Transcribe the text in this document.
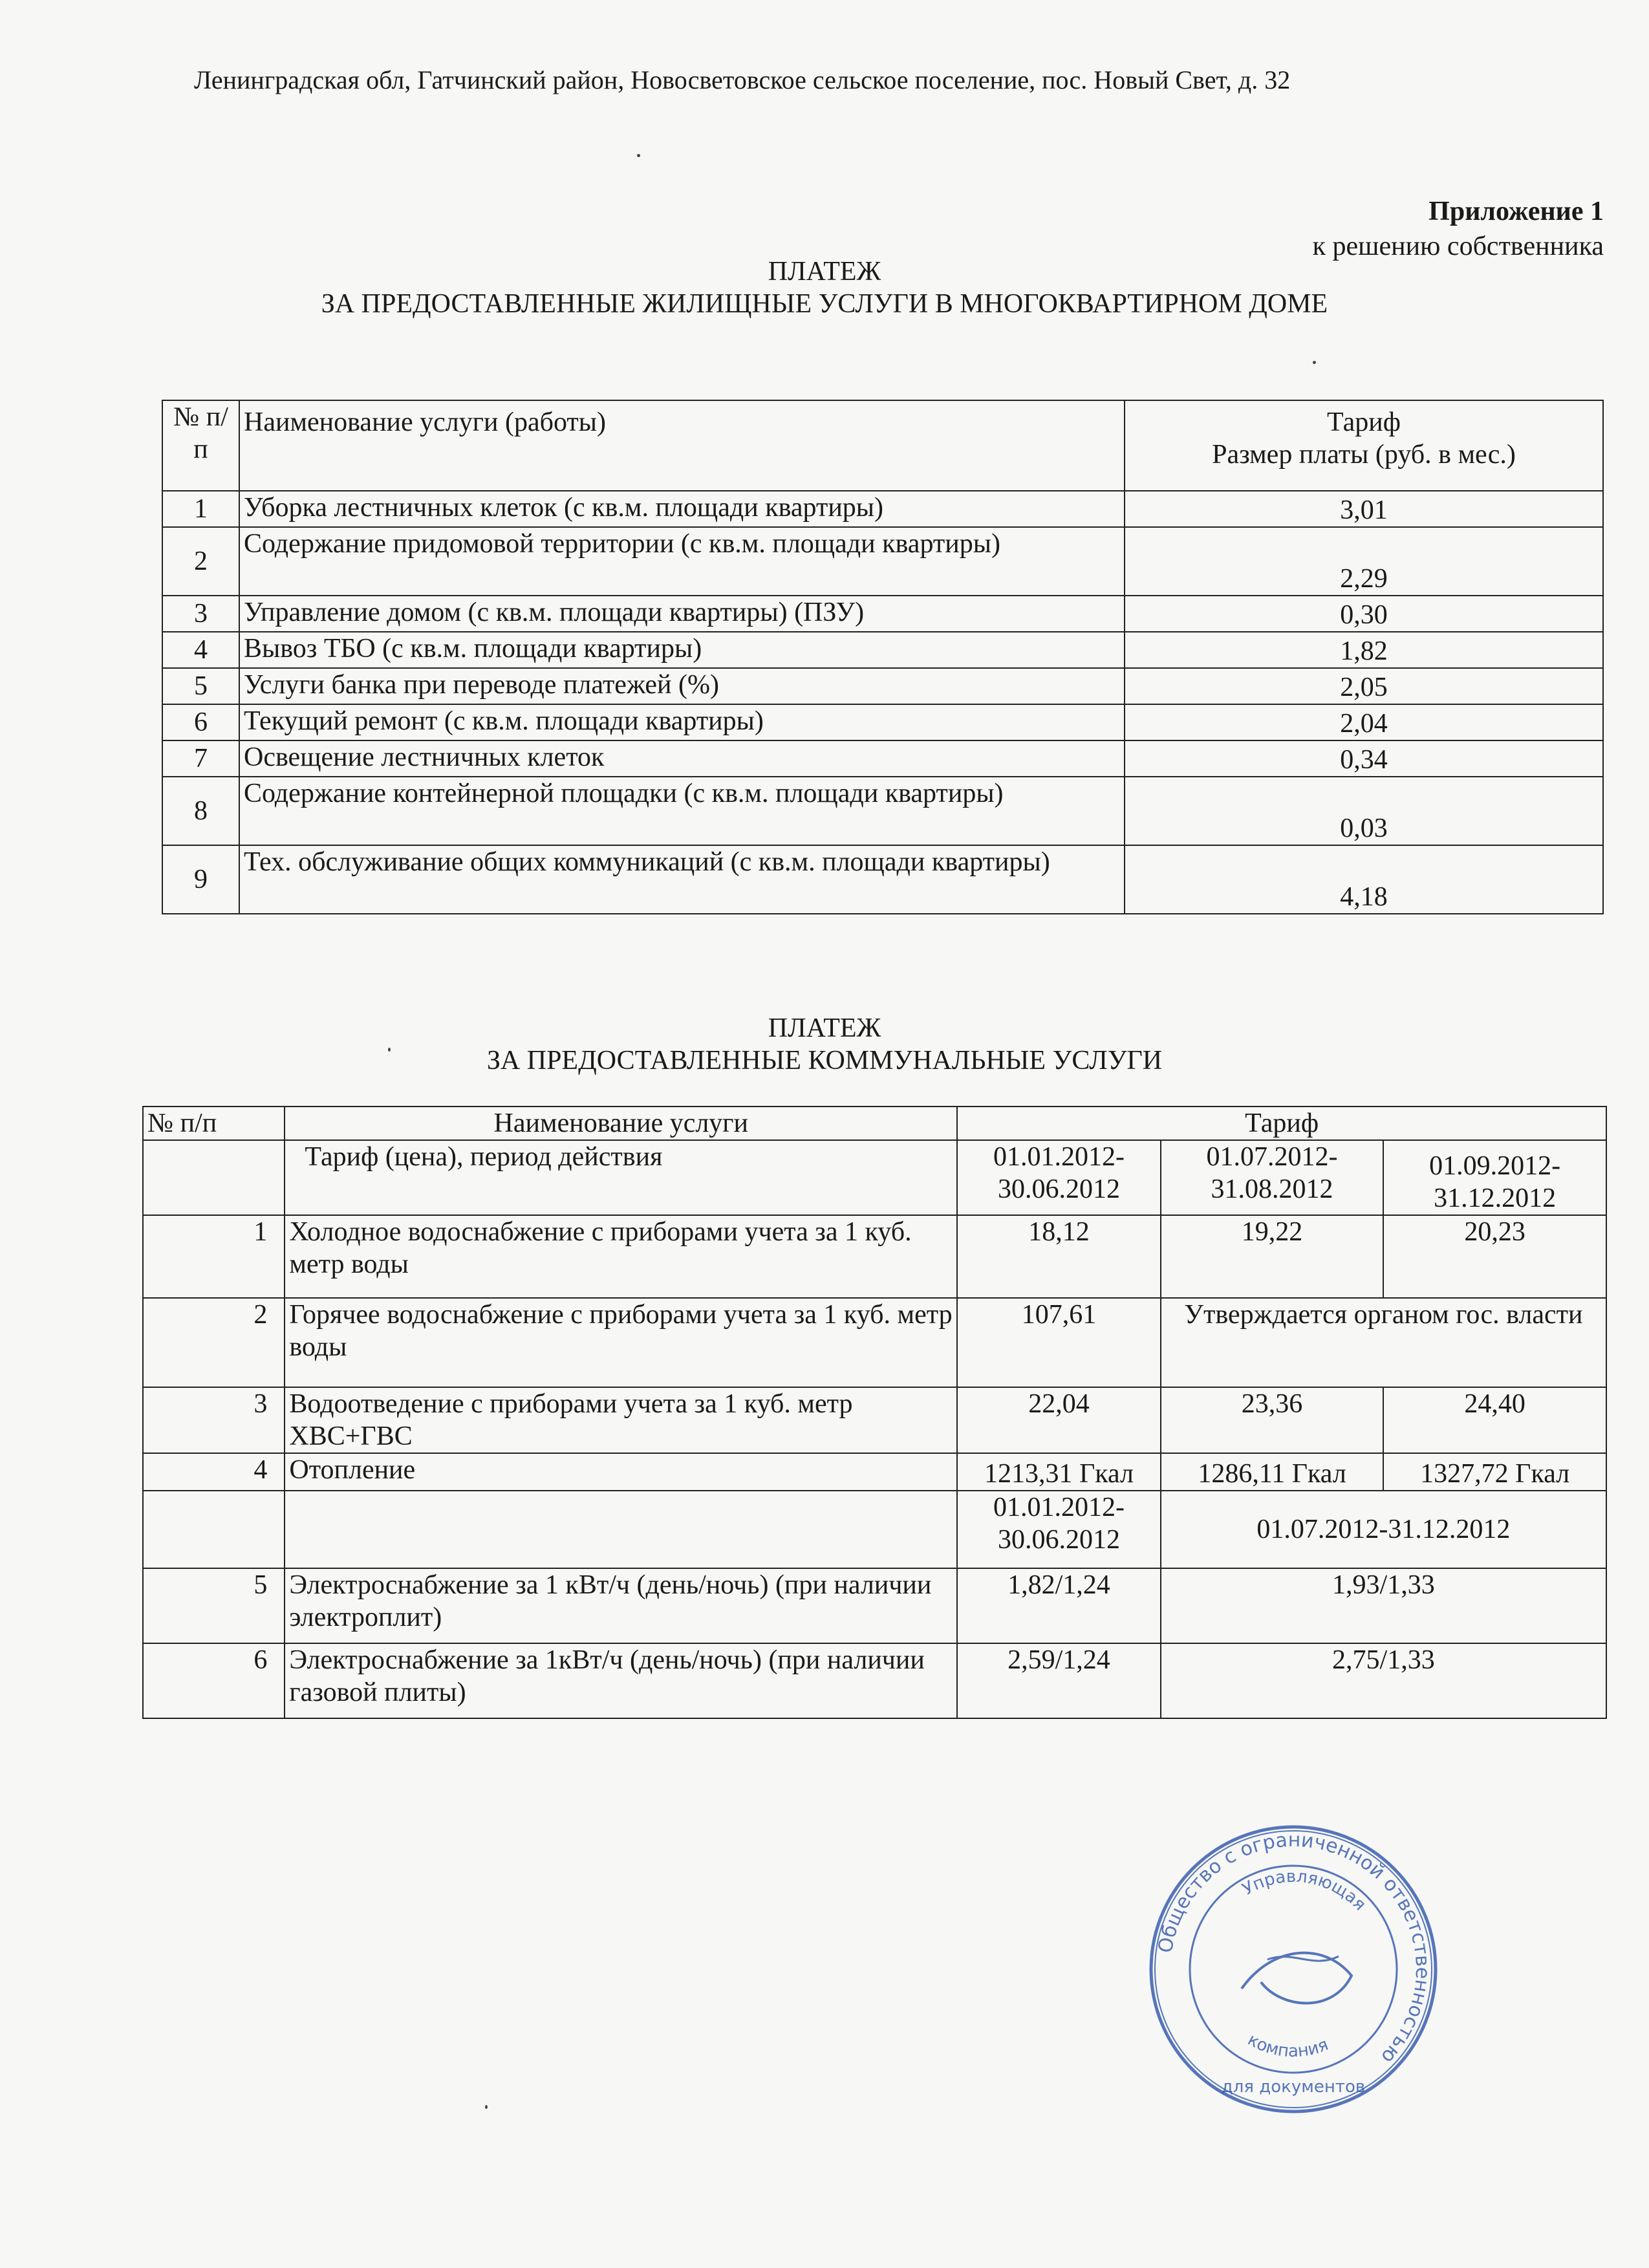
Ленинградская обл, Гатчинский район, Новосветовское сельское поселение, пос. Новый Свет, д. 32
Приложение 1
к решению собственника
ПЛАТЕЖ
ЗА ПРЕДОСТАВЛЕННЫЕ ЖИЛИЩНЫЕ УСЛУГИ В МНОГОКВАРТИРНОМ ДОМЕ
№ п/п	Наименование услуги (работы)	Тариф
Размер платы (руб. в мес.)

1	Уборка лестничных клеток (с кв.м. площади квартиры)	3,01
2	Содержание придомовой территории (с кв.м. площади квартиры)	2,29
3	Управление домом (с кв.м. площади квартиры) (ПЗУ)	0,30
4	Вывоз ТБО (с кв.м. площади квартиры)	1,82
5	Услуги банка при переводе платежей (%)	2,05
6	Текущий ремонт (с кв.м. площади квартиры)	2,04
7	Освещение лестничных клеток	0,34
8	Содержание контейнерной площадки (с кв.м. площади квартиры)	0,03
9	Тех. обслуживание общих коммуникаций (с кв.м. площади квартиры)	4,18
ПЛАТЕЖ
ЗА ПРЕДОСТАВЛЕННЫЕ КОММУНАЛЬНЫЕ УСЛУГИ
№ п/п	Наименование услуги	Тариф		
	Тариф (цена), период действия	01.01.2012-30.06.2012	01.07.2012-31.08.2012	01.09.2012-31.12.2012
1	Холодное водоснабжение с приборами учета за 1 куб. метр воды	18,12	19,22	20,23
2	Горячее водоснабжение с приборами учета за 1 куб. метр воды	107,61	Утверждается органом гос. власти	
3	Водоотведение с приборами учета за 1 куб. метр ХВС+ГВС	22,04	23,36	24,40
4	Отопление	1213,31 Гкал	1286,11 Гкал	1327,72 Гкал
		01.01.2012-30.06.2012	01.07.2012-31.12.2012	
5	Электроснабжение за 1 кВт/ч (день/ночь) (при наличии электроплит)	1,82/1,24	1,93/1,33	
6	Электроснабжение за 1кВт/ч (день/ночь) (при наличии газовой плиты)	2,59/1,24	2,75/1,33	
Общество с ограниченной ответственностью
Управляющая
компания
для документов
